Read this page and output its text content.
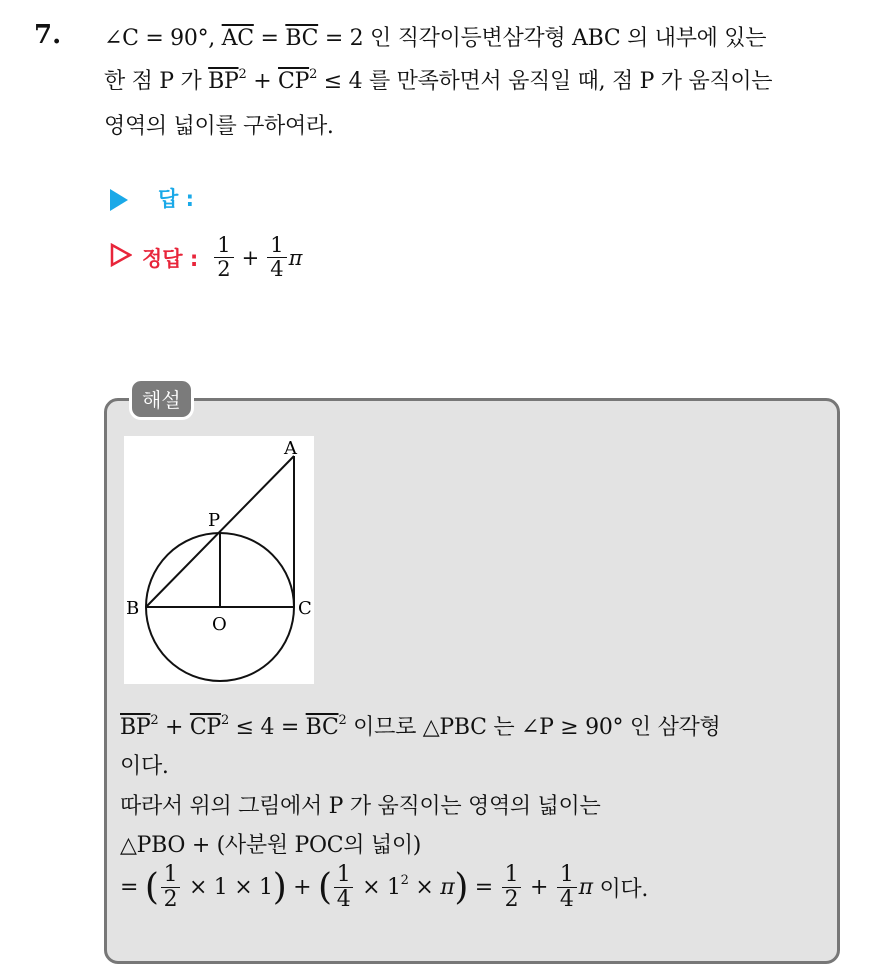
7. ∠C = 90°, $\overline{AC} = \overline{BC} = 2$ 인 직각이등변삼각형 ABC 의 내부에 있는
한 점 P 가 $\overline{BP}^2 + \overline{CP}^2 \le 4$ 를 만족하면서 움직일 때, 점 P 가 움직이는
영역의 넓이를 구하여라.
답 :
정답 : $\frac{1}{2} + \frac{1}{4}$ π
해설
A
P
B	C
O
$\overline{BP}^2 + \overline{CP}^2 \le 4 = \overline{BC}^2$ 이므로 △PBC 는 ∠P ≥ 90° 인 삼각형
이다.
따라서 위의 그림에서 P 가 움직이는 영역의 넓이는
△PBO + (사분원 POC의 넓이)
= ( $\frac{1}{2} \times 1 \times 1$ ) + ( $\frac{1}{4} \times 1^2 \times \pi$ ) = $\frac{1}{2} + \frac{1}{4}$ π 이다.
